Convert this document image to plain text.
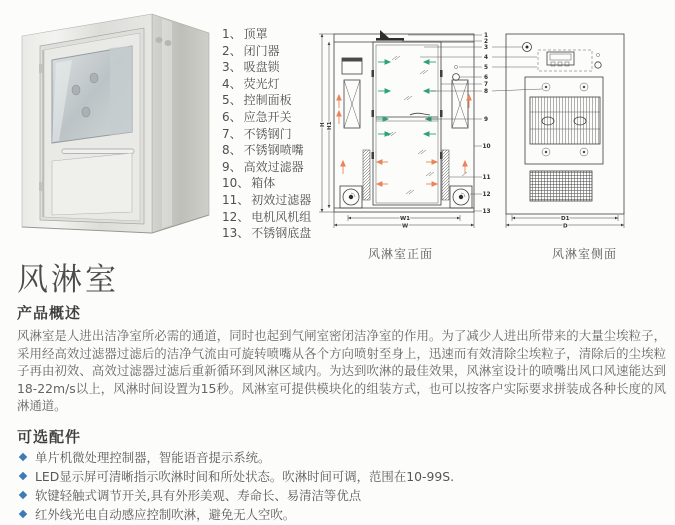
1、 顶罩
2、 闭门器
3、 吸盘锁
4、 荧光灯
5、 控制面板
6、 应急开关
7、 不锈钢门
8、 不锈钢喷嘴
9、 高效过滤器
10、 箱体
11、 初效过滤器
12、 电机风机组
13、 不锈钢底盘
H H1
W1
W
1
2
3
4
5
6
7
8
9
10
11
12
13
D1
D
风淋室正面	风淋室侧面
风淋室
产品概述
风淋室是人进出洁净室所必需的通道，同时也起到气闸室密闭洁净室的作用。为了减少人进出所带来的大量尘埃粒子，采用经高效过滤器过滤后的洁净气流由可旋转喷嘴从各个方向喷射至身上，迅速而有效清除尘埃粒子，清除后的尘埃粒子再由初效、高效过滤器过滤后重新循环到风淋区域内。为达到吹淋的最佳效果，风淋室设计的喷嘴出风口风速能达到18-22m/s以上，风淋时间设置为15秒。风淋室可提供模块化的组装方式，也可以按客户实际要求拼装成各种长度的风淋通道。
可选配件
单片机微处理控制器，智能语音提示系统。
LED显示屏可清晰指示吹淋时间和所处状态。吹淋时间可调，范围在10-99S.
软键轻触式调节开关,具有外形美观、寿命长、易清洁等优点
红外线光电自动感应控制吹淋，避免无人空吹。
